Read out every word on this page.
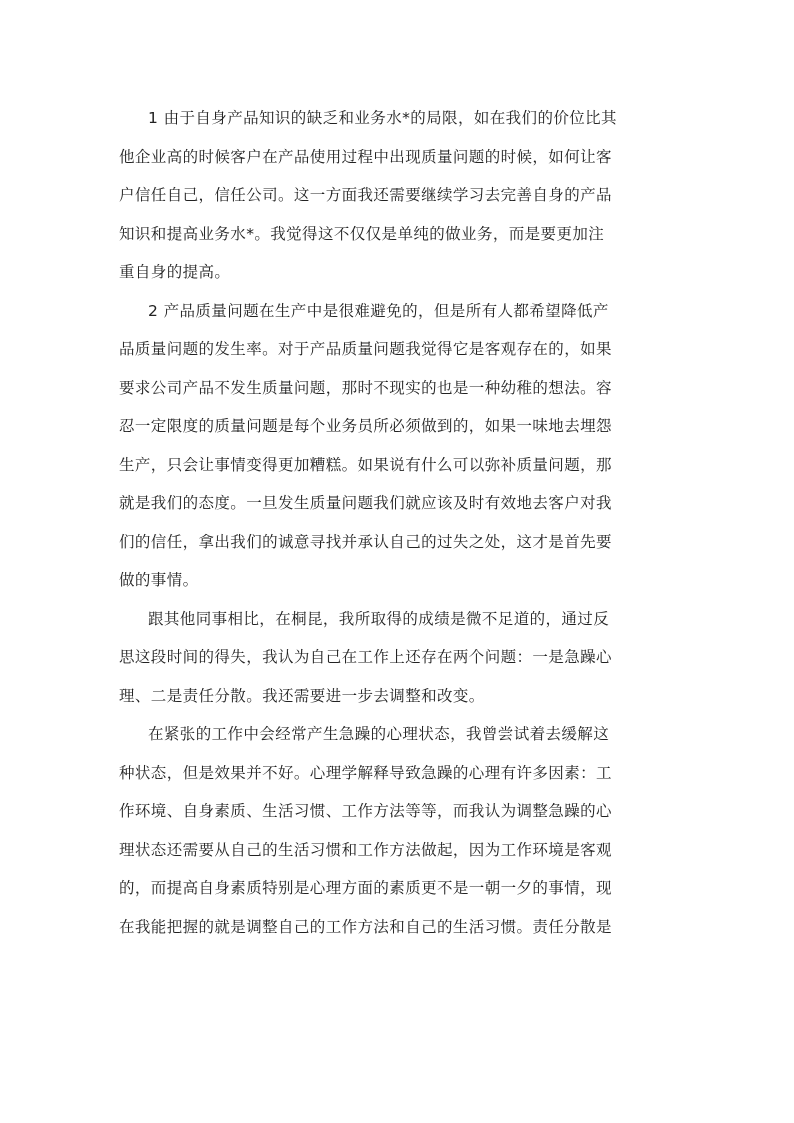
1 由于自身产品知识的缺乏和业务水*的局限，如在我们的价位比其
他企业高的时候客户在产品使用过程中出现质量问题的时候，如何让客
户信任自己，信任公司。这一方面我还需要继续学习去完善自身的产品
知识和提高业务水*。我觉得这不仅仅是单纯的做业务，而是要更加注
重自身的提高。
2 产品质量问题在生产中是很难避免的，但是所有人都希望降低产
品质量问题的发生率。对于产品质量问题我觉得它是客观存在的，如果
要求公司产品不发生质量问题，那时不现实的也是一种幼稚的想法。容
忍一定限度的质量问题是每个业务员所必须做到的，如果一味地去埋怨
生产，只会让事情变得更加糟糕。如果说有什么可以弥补质量问题，那
就是我们的态度。一旦发生质量问题我们就应该及时有效地去客户对我
们的信任，拿出我们的诚意寻找并承认自己的过失之处，这才是首先要
做的事情。
跟其他同事相比，在桐昆，我所取得的成绩是微不足道的，通过反
思这段时间的得失，我认为自己在工作上还存在两个问题：一是急躁心
理、二是责任分散。我还需要进一步去调整和改变。
在紧张的工作中会经常产生急躁的心理状态，我曾尝试着去缓解这
种状态，但是效果并不好。心理学解释导致急躁的心理有许多因素：工
作环境、自身素质、生活习惯、工作方法等等，而我认为调整急躁的心
理状态还需要从自己的生活习惯和工作方法做起，因为工作环境是客观
的，而提高自身素质特别是心理方面的素质更不是一朝一夕的事情，现
在我能把握的就是调整自己的工作方法和自己的生活习惯。责任分散是
